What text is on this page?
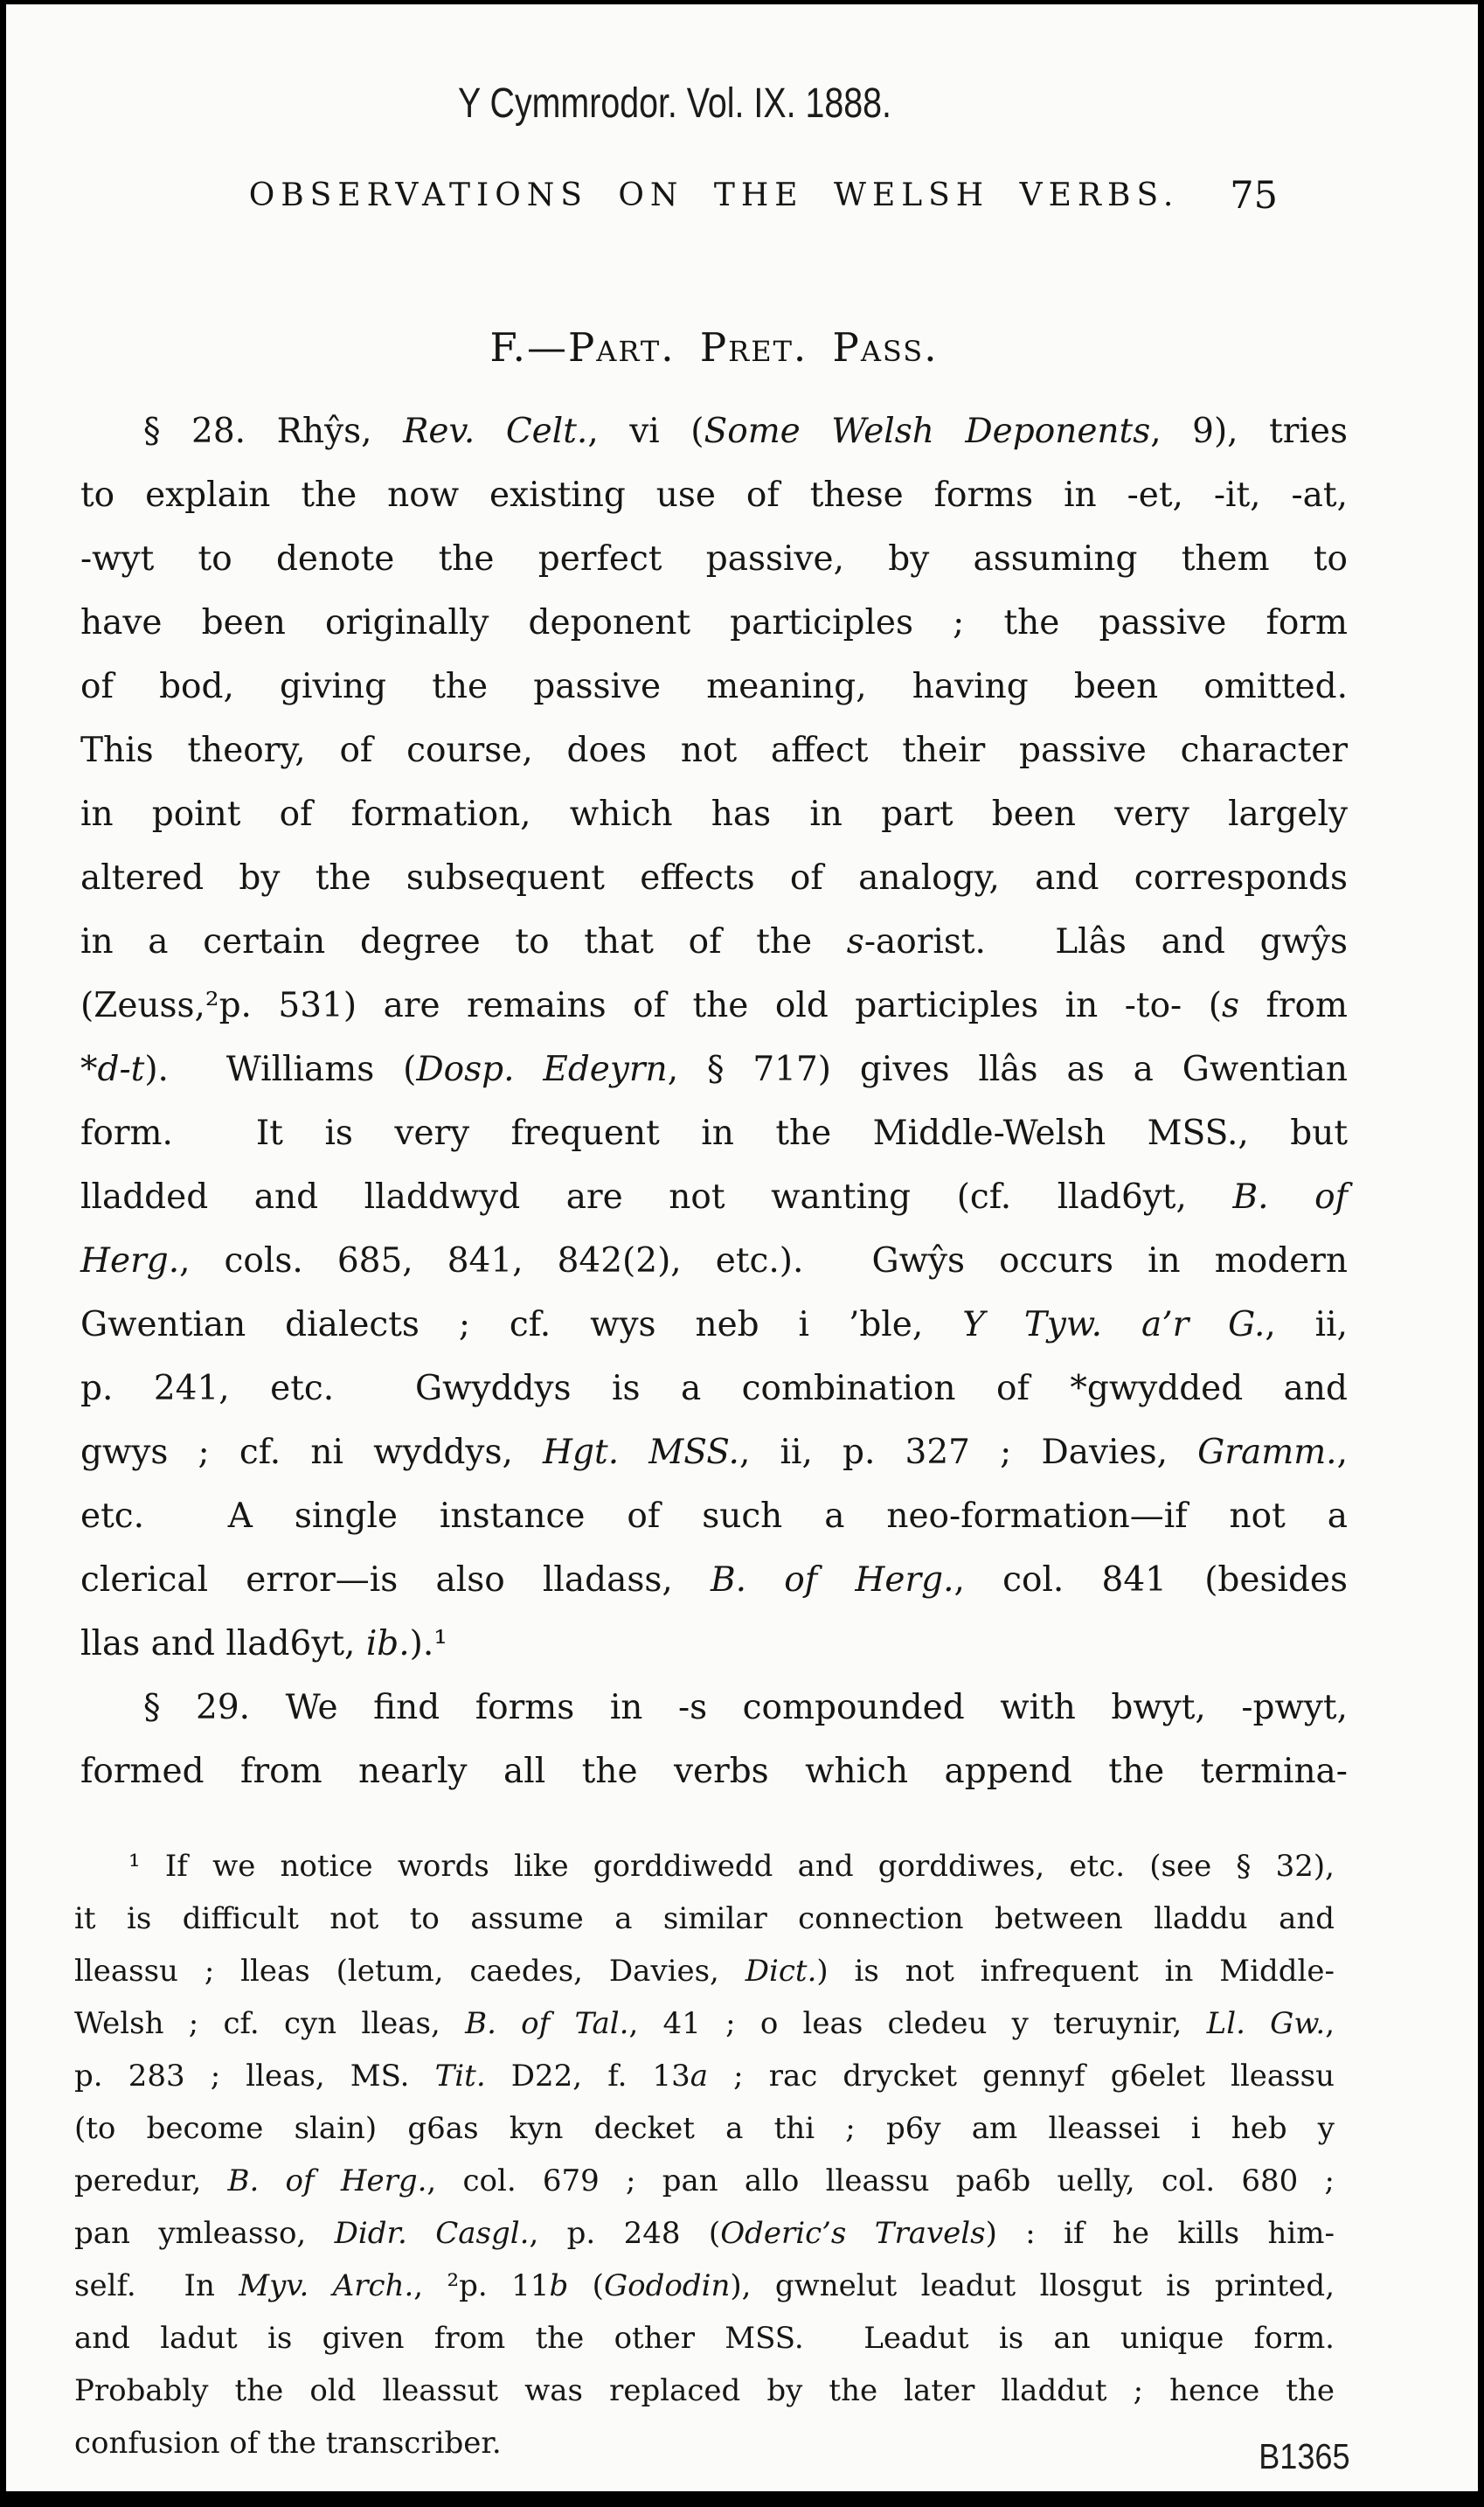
Y Cymmrodor. Vol. IX. 1888.
OBSERVATIONS ON THE WELSH VERBS.	75
F.—Part. Pret. Pass.
§ 28. Rhŷs, Rev. Celt., vi (Some Welsh Deponents, 9), tries
to explain the now existing use of these forms in -et, -it, -at,
-wyt to denote the perfect passive, by assuming them to
have been originally deponent participles ; the passive form
of bod, giving the passive meaning, having been omitted.
This theory, of course, does not affect their passive character
in point of formation, which has in part been very largely
altered by the subsequent effects of analogy, and corresponds
in a certain degree to that of the s-aorist.  Llâs and gwŷs
(Zeuss,²p. 531) are remains of the old participles in -to- (s from
*d-t).  Williams (Dosp. Edeyrn, § 717) gives llâs as a Gwentian
form.  It is very frequent in the Middle-Welsh MSS., but
lladded and lladdwyd are not wanting (cf. llad6yt, B. of
Herg., cols. 685, 841, 842(2), etc.).  Gwŷs occurs in modern
Gwentian dialects ; cf. wys neb i ’ble, Y Tyw. a’r G., ii,
p. 241, etc.  Gwyddys is a combination of *gwydded and
gwys ; cf. ni wyddys, Hgt. MSS., ii, p. 327 ; Davies, Gramm.,
etc.  A single instance of such a neo-formation—if not a
clerical error—is also lladass, B. of Herg., col. 841 (besides
llas and llad6yt, ib.).¹
§ 29. We find forms in -s compounded with bwyt, -pwyt,
formed from nearly all the verbs which append the termina-
¹ If we notice words like gorddiwedd and gorddiwes, etc. (see § 32),
it is difficult not to assume a similar connection between lladdu and
lleassu ; lleas (letum, caedes, Davies, Dict.) is not infrequent in Middle-
Welsh ; cf. cyn lleas, B. of Tal., 41 ; o leas cledeu y teruynir, Ll. Gw.,
p. 283 ; lleas, MS. Tit. D22, f. 13a ; rac drycket gennyf g6elet lleassu
(to become slain) g6as kyn decket a thi ; p6y am lleassei i heb y
peredur, B. of Herg., col. 679 ; pan allo lleassu pa6b uelly, col. 680 ;
pan ymleasso, Didr. Casgl., p. 248 (Oderic’s Travels) : if he kills him-
self.  In Myv. Arch., ²p. 11b (Gododin), gwnelut leadut llosgut is printed,
and ladut is given from the other MSS.  Leadut is an unique form.
Probably the old lleassut was replaced by the later lladdut ; hence the
confusion of the transcriber.	B1365
